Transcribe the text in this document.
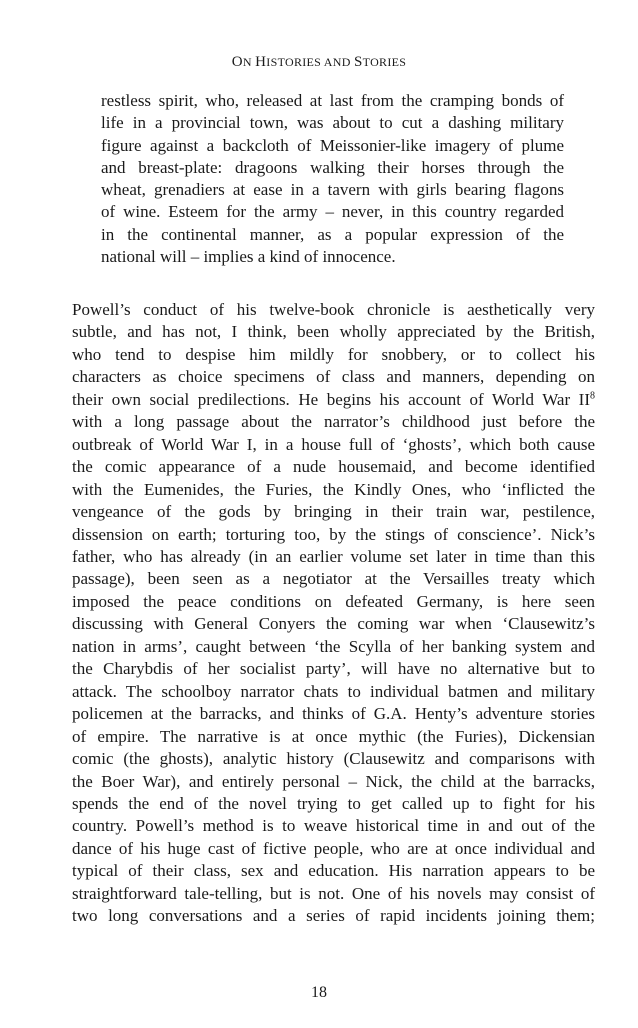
ON HISTORIES AND STORIES
restless spirit, who, released at last from the cramping bonds of
life in a provincial town, was about to cut a dashing military
figure against a backcloth of Meissonier-like imagery of plume
and breast-plate: dragoons walking their horses through the
wheat, grenadiers at ease in a tavern with girls bearing flagons
of wine. Esteem for the army – never, in this country regarded
in the continental manner, as a popular expression of the
national will – implies a kind of innocence.
Powell’s conduct of his twelve-book chronicle is aesthetically very
subtle, and has not, I think, been wholly appreciated by the British,
who tend to despise him mildly for snobbery, or to collect his
characters as choice specimens of class and manners, depending on
their own social predilections. He begins his account of World War $II^8$
with a long passage about the narrator’s childhood just before the
outbreak of World War I, in a house full of ‘ghosts’, which both cause
the comic appearance of a nude housemaid, and become identified
with the Eumenides, the Furies, the Kindly Ones, who ‘inflicted the
vengeance of the gods by bringing in their train war, pestilence,
dissension on earth; torturing too, by the stings of conscience’. Nick’s
father, who has already (in an earlier volume set later in time than this
passage), been seen as a negotiator at the Versailles treaty which
imposed the peace conditions on defeated Germany, is here seen
discussing with General Conyers the coming war when ‘Clausewitz’s
nation in arms’, caught between ‘the Scylla of her banking system and
the Charybdis of her socialist party’, will have no alternative but to
attack. The schoolboy narrator chats to individual batmen and military
policemen at the barracks, and thinks of G.A. Henty’s adventure stories
of empire. The narrative is at once mythic (the Furies), Dickensian
comic (the ghosts), analytic history (Clausewitz and comparisons with
the Boer War), and entirely personal – Nick, the child at the barracks,
spends the end of the novel trying to get called up to fight for his
country. Powell’s method is to weave historical time in and out of the
dance of his huge cast of fictive people, who are at once individual and
typical of their class, sex and education. His narration appears to be
straightforward tale-telling, but is not. One of his novels may consist of
two long conversations and a series of rapid incidents joining them;
18
